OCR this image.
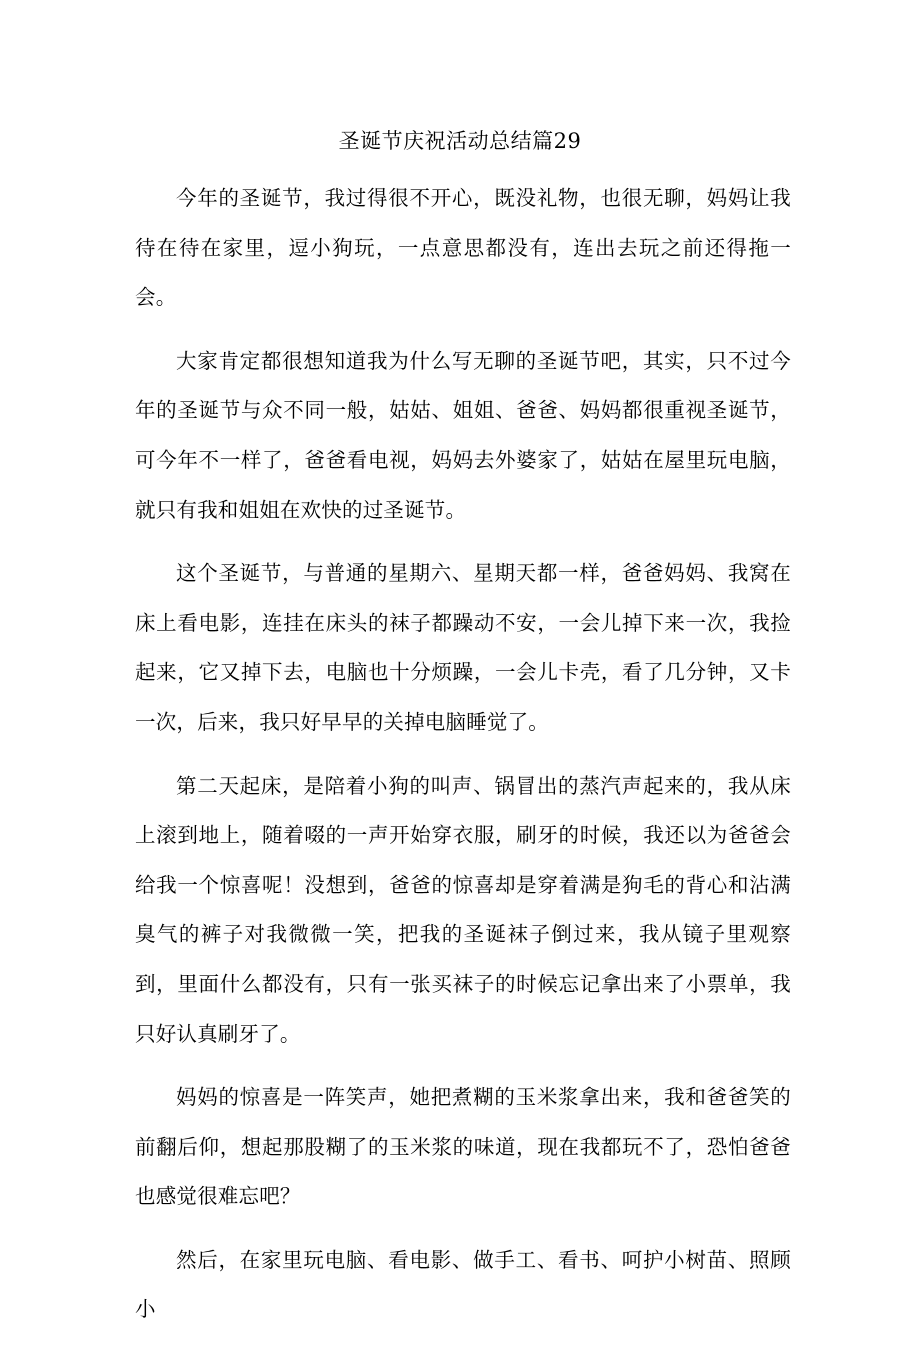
圣诞节庆祝活动总结篇29

今年的圣诞节，我过得很不开心，既没礼物，也很无聊，妈妈让我待在待在家里，逗小狗玩，一点意思都没有，连出去玩之前还得拖一会。

大家肯定都很想知道我为什么写无聊的圣诞节吧，其实，只不过今年的圣诞节与众不同一般，姑姑、姐姐、爸爸、妈妈都很重视圣诞节，可今年不一样了，爸爸看电视，妈妈去外婆家了，姑姑在屋里玩电脑，就只有我和姐姐在欢快的过圣诞节。

这个圣诞节，与普通的星期六、星期天都一样，爸爸妈妈、我窝在床上看电影，连挂在床头的袜子都躁动不安，一会儿掉下来一次，我捡起来，它又掉下去，电脑也十分烦躁，一会儿卡壳，看了几分钟，又卡一次，后来，我只好早早的关掉电脑睡觉了。

第二天起床，是陪着小狗的叫声、锅冒出的蒸汽声起来的，我从床上滚到地上，随着啜的一声开始穿衣服，刷牙的时候，我还以为爸爸会给我一个惊喜呢！没想到，爸爸的惊喜却是穿着满是狗毛的背心和沾满臭气的裤子对我微微一笑，把我的圣诞袜子倒过来，我从镜子里观察到，里面什么都没有，只有一张买袜子的时候忘记拿出来了小票单，我只好认真刷牙了。

妈妈的惊喜是一阵笑声，她把煮糊的玉米浆拿出来，我和爸爸笑的前翻后仰，想起那股糊了的玉米浆的味道，现在我都玩不了，恐怕爸爸也感觉很难忘吧？

然后，在家里玩电脑、看电影、做手工、看书、呵护小树苗、照顾小
